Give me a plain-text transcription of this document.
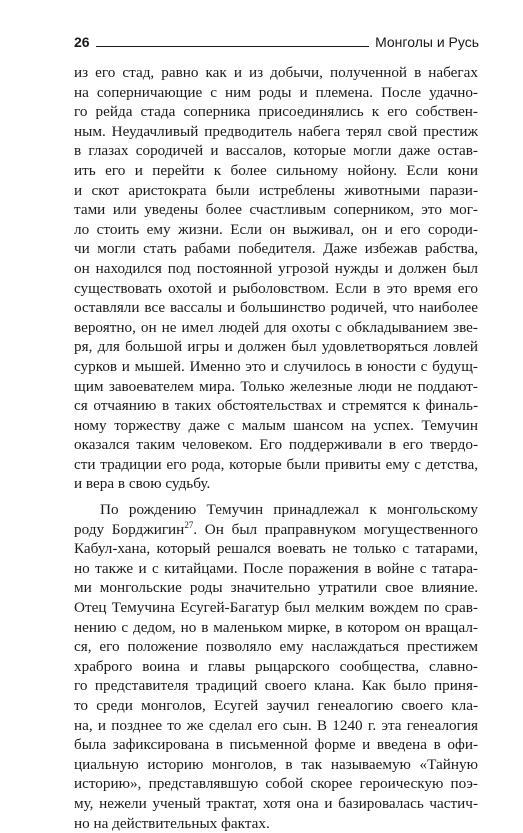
26	Монголы и Русь
из его стад, равно как и из добычи, полученной в набегах
на соперничающие с ним роды и племена. После удачно-
го рейда стада соперника присоединялись к его собствен-
ным. Неудачливый предводитель набега терял свой престиж
в глазах сородичей и вассалов, которые могли даже остав-
ить его и перейти к более сильному нойону. Если кони
и скот аристократа были истреблены животными парази-
тами или уведены более счастливым соперником, это мог-
ло стоить ему жизни. Если он выживал, он и его сороди-
чи могли стать рабами победителя. Даже избежав рабства,
он находился под постоянной угрозой нужды и должен был
существовать охотой и рыболовством. Если в это время его
оставляли все вассалы и большинство родичей, что наиболее
вероятно, он не имел людей для охоты с обкладыванием зве-
ря, для большой игры и должен был удовлетворяться ловлей
сурков и мышей. Именно это и случилось в юности с будущ-
щим завоевателем мира. Только железные люди не поддают-
ся отчаянию в таких обстоятельствах и стремятся к финаль-
ному торжеству даже с малым шансом на успех. Темучин
оказался таким человеком. Его поддерживали в его твердо-
сти традиции его рода, которые были привиты ему с детства,
и вера в свою судьбу.
По рождению Темучин принадлежал к монгольскому
роду Борджигин$^{27}$. Он был праправнуком могущественного
Кабул-хана, который решался воевать не только с татарами,
но также и с китайцами. После поражения в войне с татара-
ми монгольские роды значительно утратили свое влияние.
Отец Темучина Есугей-Багатур был мелким вождем по срав-
нению с дедом, но в маленьком мирке, в котором он вращал-
ся, его положение позволяло ему наслаждаться престижем
храброго воина и главы рыцарского сообщества, славно-
го представителя традиций своего клана. Как было приня-
то среди монголов, Есугей заучил генеалогию своего кла-
на, и позднее то же сделал его сын. В 1240 г. эта генеалогия
была зафиксирована в письменной форме и введена в офи-
циальную историю монголов, в так называемую «Тайную
историю», представлявшую собой скорее героическую поэ-
му, нежели ученый трактат, хотя она и базировалась частич-
но на действительных фактах.
